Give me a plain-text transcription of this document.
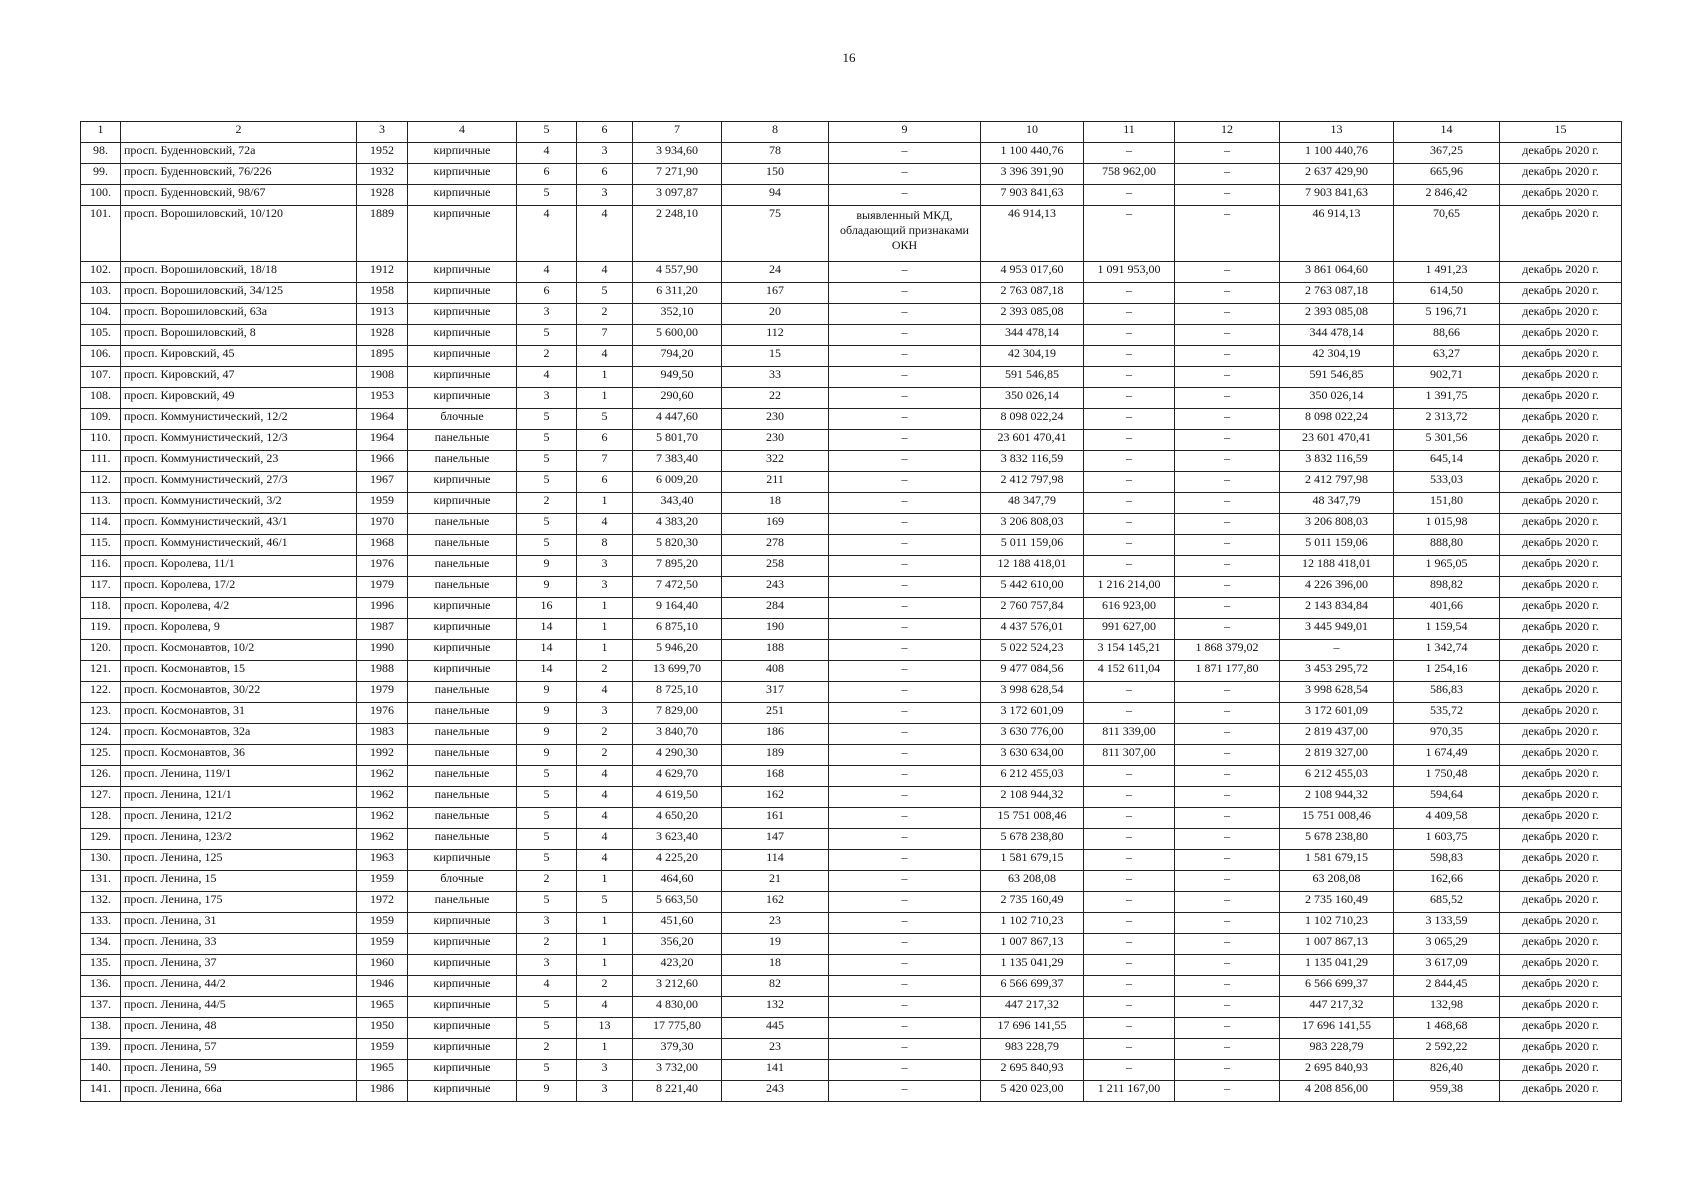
16
1	2	3	4	5	6	7	8	9	10	11	12	13	14	15
98.	просп. Буденновский, 72а	1952	кирпичные	4	3	3 934,60	78	–	1 100 440,76	–	–	1 100 440,76	367,25	декабрь 2020 г.
99.	просп. Буденновский, 76/226	1932	кирпичные	6	6	7 271,90	150	–	3 396 391,90	758 962,00	–	2 637 429,90	665,96	декабрь 2020 г.
100.	просп. Буденновский, 98/67	1928	кирпичные	5	3	3 097,87	94	–	7 903 841,63	–	–	7 903 841,63	2 846,42	декабрь 2020 г.
101.	просп. Ворошиловский, 10/120	1889	кирпичные	4	4	2 248,10	75	выявленный МКД, обладающий признаками ОКН	46 914,13	–	–	46 914,13	70,65	декабрь 2020 г.
102.	просп. Ворошиловский, 18/18	1912	кирпичные	4	4	4 557,90	24	–	4 953 017,60	1 091 953,00	–	3 861 064,60	1 491,23	декабрь 2020 г.
103.	просп. Ворошиловский, 34/125	1958	кирпичные	6	5	6 311,20	167	–	2 763 087,18	–	–	2 763 087,18	614,50	декабрь 2020 г.
104.	просп. Ворошиловский, 63а	1913	кирпичные	3	2	352,10	20	–	2 393 085,08	–	–	2 393 085,08	5 196,71	декабрь 2020 г.
105.	просп. Ворошиловский, 8	1928	кирпичные	5	7	5 600,00	112	–	344 478,14	–	–	344 478,14	88,66	декабрь 2020 г.
106.	просп. Кировский, 45	1895	кирпичные	2	4	794,20	15	–	42 304,19	–	–	42 304,19	63,27	декабрь 2020 г.
107.	просп. Кировский, 47	1908	кирпичные	4	1	949,50	33	–	591 546,85	–	–	591 546,85	902,71	декабрь 2020 г.
108.	просп. Кировский, 49	1953	кирпичные	3	1	290,60	22	–	350 026,14	–	–	350 026,14	1 391,75	декабрь 2020 г.
109.	просп. Коммунистический, 12/2	1964	блочные	5	5	4 447,60	230	–	8 098 022,24	–	–	8 098 022,24	2 313,72	декабрь 2020 г.
110.	просп. Коммунистический, 12/3	1964	панельные	5	6	5 801,70	230	–	23 601 470,41	–	–	23 601 470,41	5 301,56	декабрь 2020 г.
111.	просп. Коммунистический, 23	1966	панельные	5	7	7 383,40	322	–	3 832 116,59	–	–	3 832 116,59	645,14	декабрь 2020 г.
112.	просп. Коммунистический, 27/3	1967	кирпичные	5	6	6 009,20	211	–	2 412 797,98	–	–	2 412 797,98	533,03	декабрь 2020 г.
113.	просп. Коммунистический, 3/2	1959	кирпичные	2	1	343,40	18	–	48 347,79	–	–	48 347,79	151,80	декабрь 2020 г.
114.	просп. Коммунистический, 43/1	1970	панельные	5	4	4 383,20	169	–	3 206 808,03	–	–	3 206 808,03	1 015,98	декабрь 2020 г.
115.	просп. Коммунистический, 46/1	1968	панельные	5	8	5 820,30	278	–	5 011 159,06	–	–	5 011 159,06	888,80	декабрь 2020 г.
116.	просп. Королева, 11/1	1976	панельные	9	3	7 895,20	258	–	12 188 418,01	–	–	12 188 418,01	1 965,05	декабрь 2020 г.
117.	просп. Королева, 17/2	1979	панельные	9	3	7 472,50	243	–	5 442 610,00	1 216 214,00	–	4 226 396,00	898,82	декабрь 2020 г.
118.	просп. Королева, 4/2	1996	кирпичные	16	1	9 164,40	284	–	2 760 757,84	616 923,00	–	2 143 834,84	401,66	декабрь 2020 г.
119.	просп. Королева, 9	1987	кирпичные	14	1	6 875,10	190	–	4 437 576,01	991 627,00	–	3 445 949,01	1 159,54	декабрь 2020 г.
120.	просп. Космонавтов, 10/2	1990	кирпичные	14	1	5 946,20	188	–	5 022 524,23	3 154 145,21	1 868 379,02	–	1 342,74	декабрь 2020 г.
121.	просп. Космонавтов, 15	1988	кирпичные	14	2	13 699,70	408	–	9 477 084,56	4 152 611,04	1 871 177,80	3 453 295,72	1 254,16	декабрь 2020 г.
122.	просп. Космонавтов, 30/22	1979	панельные	9	4	8 725,10	317	–	3 998 628,54	–	–	3 998 628,54	586,83	декабрь 2020 г.
123.	просп. Космонавтов, 31	1976	панельные	9	3	7 829,00	251	–	3 172 601,09	–	–	3 172 601,09	535,72	декабрь 2020 г.
124.	просп. Космонавтов, 32а	1983	панельные	9	2	3 840,70	186	–	3 630 776,00	811 339,00	–	2 819 437,00	970,35	декабрь 2020 г.
125.	просп. Космонавтов, 36	1992	панельные	9	2	4 290,30	189	–	3 630 634,00	811 307,00	–	2 819 327,00	1 674,49	декабрь 2020 г.
126.	просп. Ленина, 119/1	1962	панельные	5	4	4 629,70	168	–	6 212 455,03	–	–	6 212 455,03	1 750,48	декабрь 2020 г.
127.	просп. Ленина, 121/1	1962	панельные	5	4	4 619,50	162	–	2 108 944,32	–	–	2 108 944,32	594,64	декабрь 2020 г.
128.	просп. Ленина, 121/2	1962	панельные	5	4	4 650,20	161	–	15 751 008,46	–	–	15 751 008,46	4 409,58	декабрь 2020 г.
129.	просп. Ленина, 123/2	1962	панельные	5	4	3 623,40	147	–	5 678 238,80	–	–	5 678 238,80	1 603,75	декабрь 2020 г.
130.	просп. Ленина, 125	1963	кирпичные	5	4	4 225,20	114	–	1 581 679,15	–	–	1 581 679,15	598,83	декабрь 2020 г.
131.	просп. Ленина, 15	1959	блочные	2	1	464,60	21	–	63 208,08	–	–	63 208,08	162,66	декабрь 2020 г.
132.	просп. Ленина, 175	1972	панельные	5	5	5 663,50	162	–	2 735 160,49	–	–	2 735 160,49	685,52	декабрь 2020 г.
133.	просп. Ленина, 31	1959	кирпичные	3	1	451,60	23	–	1 102 710,23	–	–	1 102 710,23	3 133,59	декабрь 2020 г.
134.	просп. Ленина, 33	1959	кирпичные	2	1	356,20	19	–	1 007 867,13	–	–	1 007 867,13	3 065,29	декабрь 2020 г.
135.	просп. Ленина, 37	1960	кирпичные	3	1	423,20	18	–	1 135 041,29	–	–	1 135 041,29	3 617,09	декабрь 2020 г.
136.	просп. Ленина, 44/2	1946	кирпичные	4	2	3 212,60	82	–	6 566 699,37	–	–	6 566 699,37	2 844,45	декабрь 2020 г.
137.	просп. Ленина, 44/5	1965	кирпичные	5	4	4 830,00	132	–	447 217,32	–	–	447 217,32	132,98	декабрь 2020 г.
138.	просп. Ленина, 48	1950	кирпичные	5	13	17 775,80	445	–	17 696 141,55	–	–	17 696 141,55	1 468,68	декабрь 2020 г.
139.	просп. Ленина, 57	1959	кирпичные	2	1	379,30	23	–	983 228,79	–	–	983 228,79	2 592,22	декабрь 2020 г.
140.	просп. Ленина, 59	1965	кирпичные	5	3	3 732,00	141	–	2 695 840,93	–	–	2 695 840,93	826,40	декабрь 2020 г.
141.	просп. Ленина, 66а	1986	кирпичные	9	3	8 221,40	243	–	5 420 023,00	1 211 167,00	–	4 208 856,00	959,38	декабрь 2020 г.
